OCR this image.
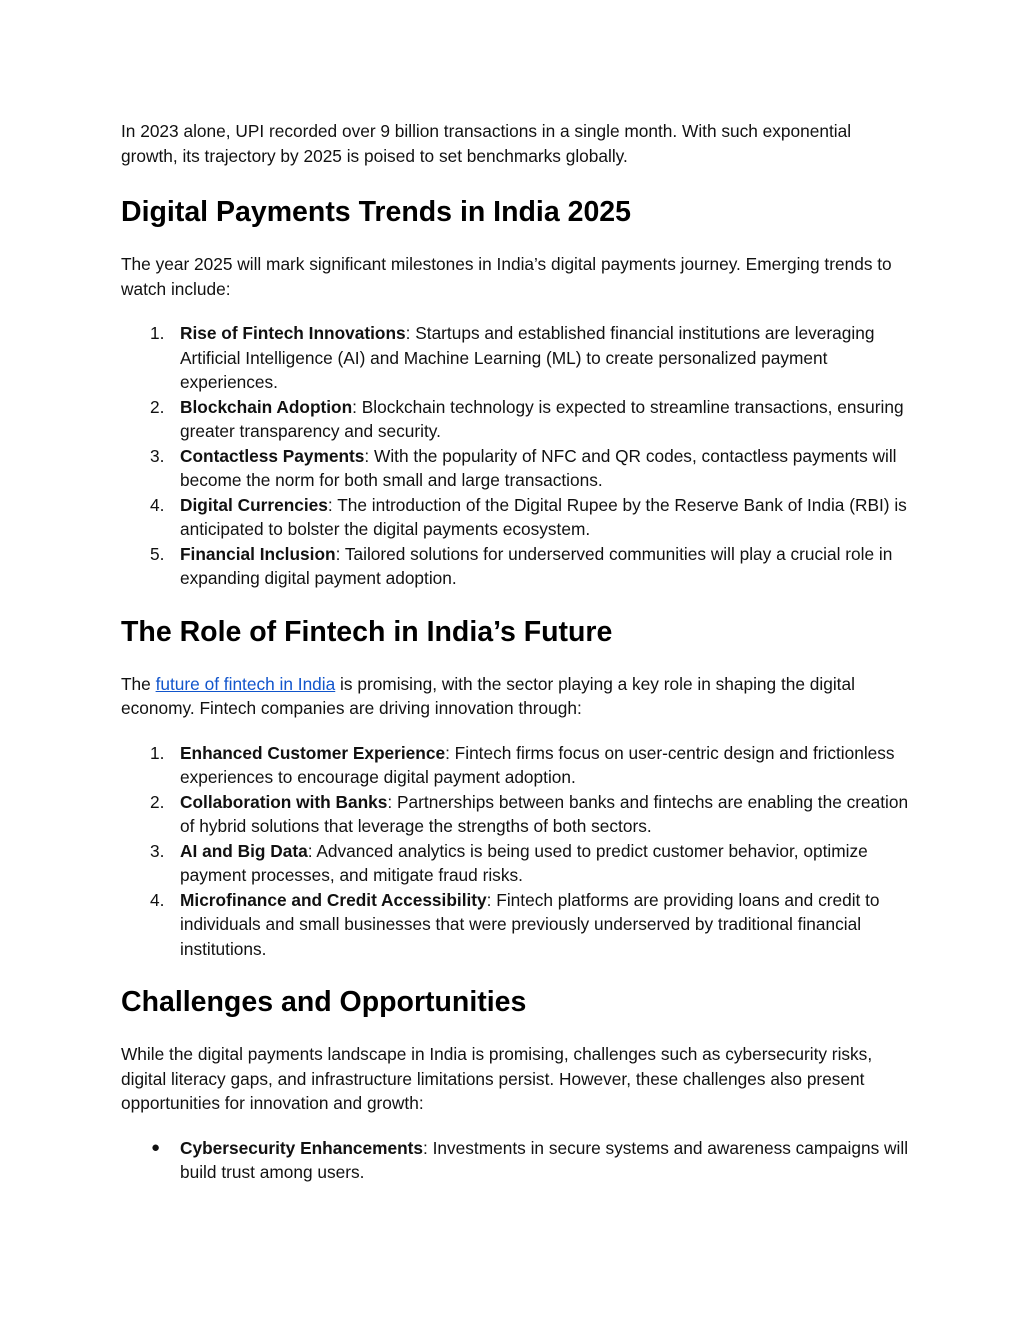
In 2023 alone, UPI recorded over 9 billion transactions in a single month. With such exponential growth, its trajectory by 2025 is poised to set benchmarks globally.

Digital Payments Trends in India 2025

The year 2025 will mark significant milestones in India’s digital payments journey. Emerging trends to watch include:

1. Rise of Fintech Innovations: Startups and established financial institutions are leveraging Artificial Intelligence (AI) and Machine Learning (ML) to create personalized payment experiences.
2. Blockchain Adoption: Blockchain technology is expected to streamline transactions, ensuring greater transparency and security.
3. Contactless Payments: With the popularity of NFC and QR codes, contactless payments will become the norm for both small and large transactions.
4. Digital Currencies: The introduction of the Digital Rupee by the Reserve Bank of India (RBI) is anticipated to bolster the digital payments ecosystem.
5. Financial Inclusion: Tailored solutions for underserved communities will play a crucial role in expanding digital payment adoption.
The Role of Fintech in India’s Future

The future of fintech in India is promising, with the sector playing a key role in shaping the digital economy. Fintech companies are driving innovation through:

1. Enhanced Customer Experience: Fintech firms focus on user-centric design and frictionless experiences to encourage digital payment adoption.
2. Collaboration with Banks: Partnerships between banks and fintechs are enabling the creation of hybrid solutions that leverage the strengths of both sectors.
3. AI and Big Data: Advanced analytics is being used to predict customer behavior, optimize payment processes, and mitigate fraud risks.
4. Microfinance and Credit Accessibility: Fintech platforms are providing loans and credit to individuals and small businesses that were previously underserved by traditional financial institutions.
Challenges and Opportunities

While the digital payments landscape in India is promising, challenges such as cybersecurity risks, digital literacy gaps, and infrastructure limitations persist. However, these challenges also present opportunities for innovation and growth:

● Cybersecurity Enhancements: Investments in secure systems and awareness campaigns will build trust among users.
